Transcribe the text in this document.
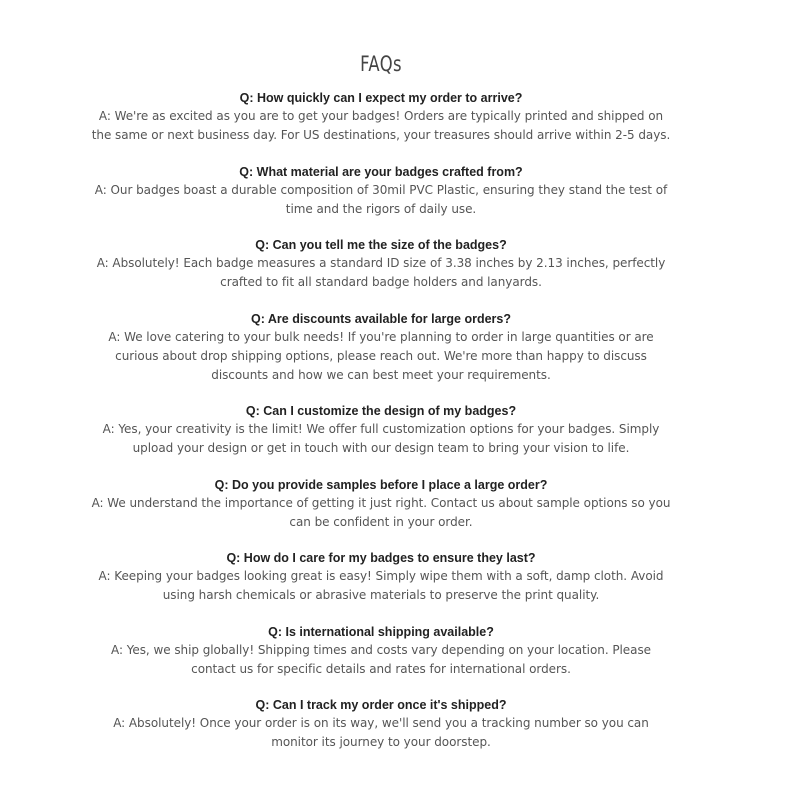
FAQs

Q: How quickly can I expect my order to arrive?

A: We're as excited as you are to get your badges! Orders are typically printed and shipped on the same or next business day. For US destinations, your treasures should arrive within 2-5 days.

Q: What material are your badges crafted from?

A: Our badges boast a durable composition of 30mil PVC Plastic, ensuring they stand the test of time and the rigors of daily use.

Q: Can you tell me the size of the badges?

A: Absolutely! Each badge measures a standard ID size of 3.38 inches by 2.13 inches, perfectly crafted to fit all standard badge holders and lanyards.

Q: Are discounts available for large orders?

A: We love catering to your bulk needs! If you're planning to order in large quantities or are curious about drop shipping options, please reach out. We're more than happy to discuss discounts and how we can best meet your requirements.

Q: Can I customize the design of my badges?

A: Yes, your creativity is the limit! We offer full customization options for your badges. Simply upload your design or get in touch with our design team to bring your vision to life.

Q: Do you provide samples before I place a large order?

A: We understand the importance of getting it just right. Contact us about sample options so you can be confident in your order.

Q: How do I care for my badges to ensure they last?

A: Keeping your badges looking great is easy! Simply wipe them with a soft, damp cloth. Avoid using harsh chemicals or abrasive materials to preserve the print quality.

Q: Is international shipping available?

A: Yes, we ship globally! Shipping times and costs vary depending on your location. Please contact us for specific details and rates for international orders.

Q: Can I track my order once it's shipped?

A: Absolutely! Once your order is on its way, we'll send you a tracking number so you can monitor its journey to your doorstep.
